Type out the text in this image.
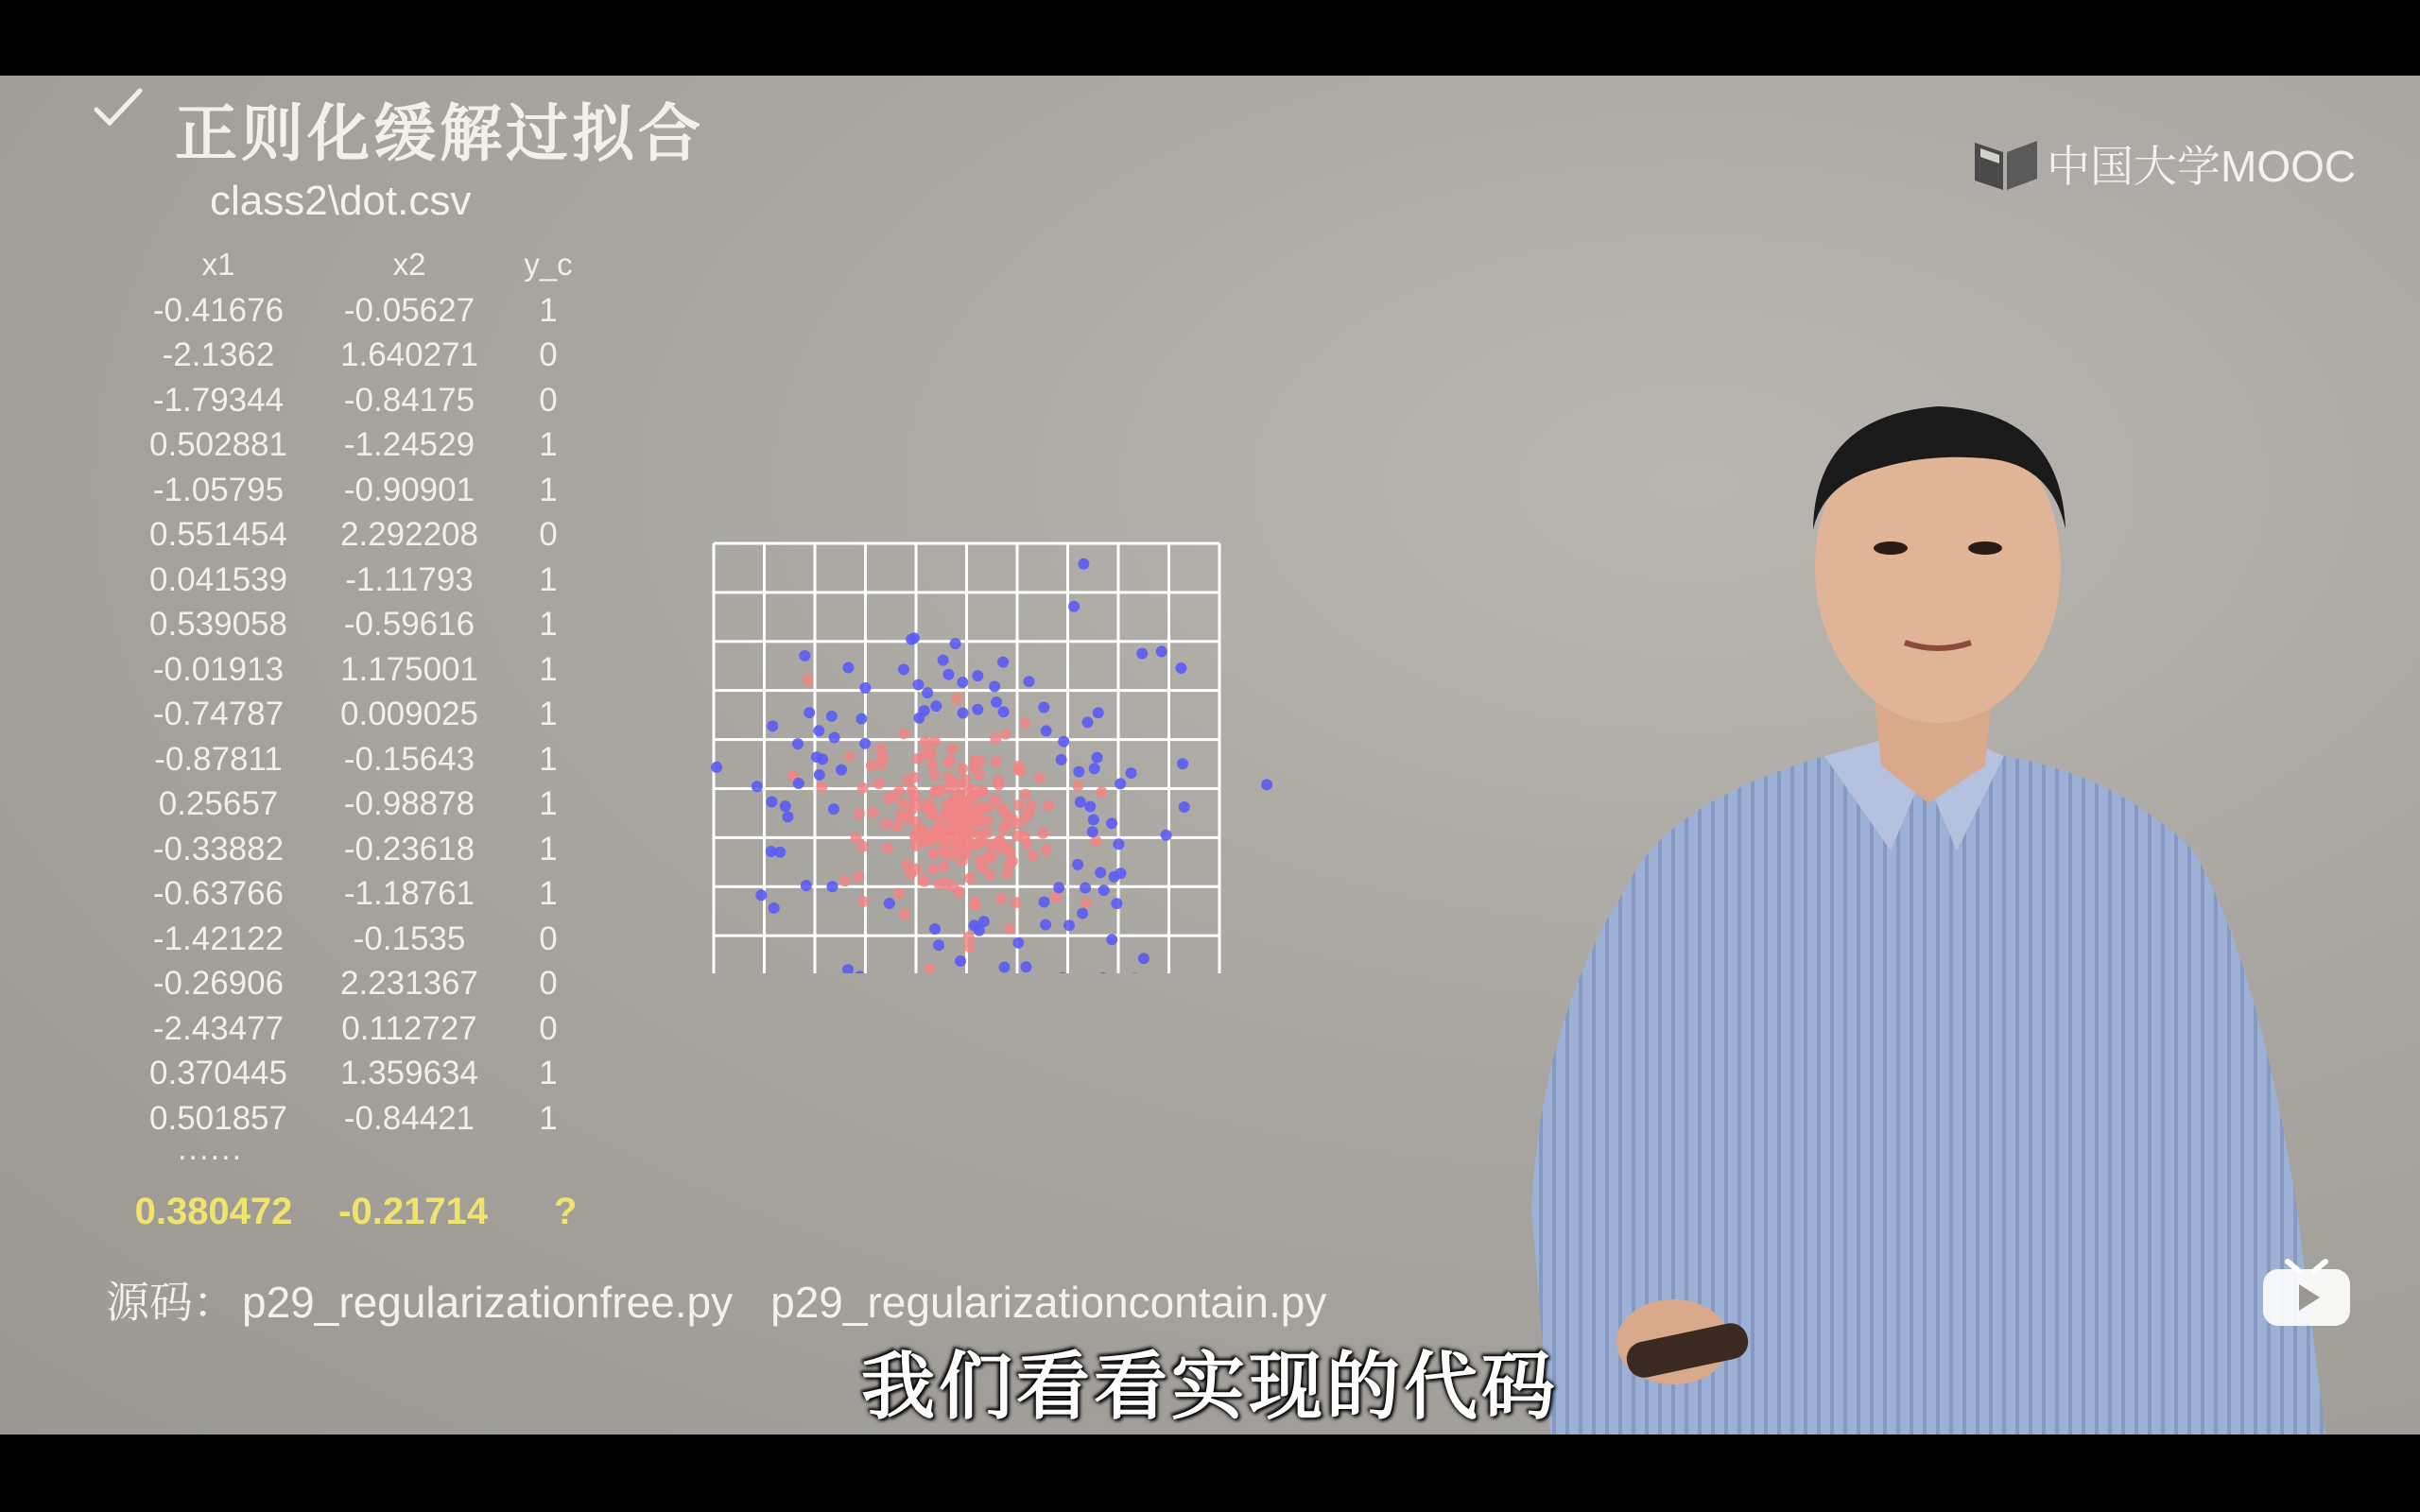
正则化缓解过拟合
class2\dot.csv
x1	x2	y_c
-0.41676	-0.05627	1
-2.1362	1.640271	0
-1.79344	-0.84175	0
0.502881	-1.24529	1
-1.05795	-0.90901	1
0.551454	2.292208	0
0.041539	-1.11793	1
0.539058	-0.59616	1
-0.01913	1.175001	1
-0.74787	0.009025	1
-0.87811	-0.15643	1
0.25657	-0.98878	1
-0.33882	-0.23618	1
-0.63766	-1.18761	1
-1.42122	-0.1535	0
-0.26906	2.231367	0
-2.43477	0.112727	0
0.370445	1.359634	1
0.501857	-0.84421	1
......
0.380472 -0.21714 ?
源码： p29_regularizationfree.py p29_regularizationcontain.py
中国大学MOOC
我们看看实现的代码
